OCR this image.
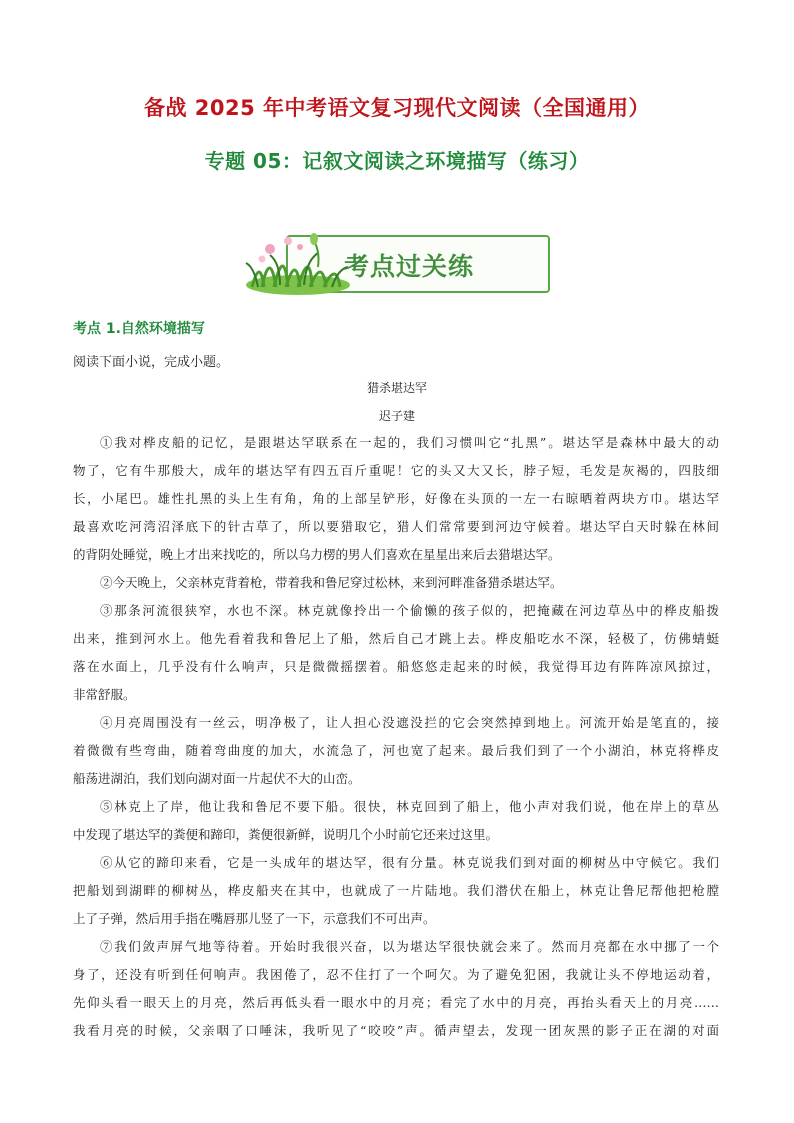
备战 2025 年中考语文复习现代文阅读（全国通用）
专题 05：记叙文阅读之环境描写（练习）
考点过关练
考点 1.自然环境描写
阅读下面小说，完成小题。
猎杀堪达罕
迟子建
①我对桦皮船的记忆，是跟堪达罕联系在一起的，我们习惯叫它“扎黑”。堪达罕是森林中最大的动
物了，它有牛那般大，成年的堪达罕有四五百斤重呢！它的头又大又长，脖子短，毛发是灰褐的，四肢细
长，小尾巴。雄性扎黑的头上生有角，角的上部呈铲形，好像在头顶的一左一右晾晒着两块方巾。堪达罕
最喜欢吃河湾沼泽底下的针古草了，所以要猎取它，猎人们常常要到河边守候着。堪达罕白天时躲在林间
的背阴处睡觉，晚上才出来找吃的，所以乌力楞的男人们喜欢在星星出来后去猎堪达罕。
②今天晚上，父亲林克背着枪，带着我和鲁尼穿过松林，来到河畔准备猎杀堪达罕。
③那条河流很狭窄，水也不深。林克就像拎出一个偷懒的孩子似的，把掩藏在河边草丛中的桦皮船拨
出来，推到河水上。他先看着我和鲁尼上了船，然后自己才跳上去。桦皮船吃水不深，轻极了，仿佛蜻蜓
落在水面上，几乎没有什么响声，只是微微摇摆着。船悠悠走起来的时候，我觉得耳边有阵阵凉风掠过，
非常舒服。
④月亮周围没有一丝云，明净极了，让人担心没遮没拦的它会突然掉到地上。河流开始是笔直的，接
着微微有些弯曲，随着弯曲度的加大，水流急了，河也宽了起来。最后我们到了一个小湖泊，林克将桦皮
船荡进湖泊，我们划向湖对面一片起伏不大的山峦。
⑤林克上了岸，他让我和鲁尼不要下船。很快，林克回到了船上，他小声对我们说，他在岸上的草丛
中发现了堪达罕的粪便和蹄印，粪便很新鲜，说明几个小时前它还来过这里。
⑥从它的蹄印来看，它是一头成年的堪达罕，很有分量。林克说我们到对面的柳树丛中守候它。我们
把船划到湖畔的柳树丛，桦皮船夹在其中，也就成了一片陆地。我们潜伏在船上，林克让鲁尼帮他把枪膛
上了子弹，然后用手指在嘴唇那儿竖了一下，示意我们不可出声。
⑦我们敛声屏气地等待着。开始时我很兴奋，以为堪达罕很快就会来了。然而月亮都在水中挪了一个
身了，还没有听到任何响声。我困倦了，忍不住打了一个呵欠。为了避免犯困，我就让头不停地运动着，
先仰头看一眼天上的月亮，然后再低头看一眼水中的月亮；看完了水中的月亮，再抬头看天上的月亮……
我看月亮的时候，父亲咽了口唾沫，我听见了“咬咬”声。循声望去，发现一团灰黑的影子正在湖的对面
